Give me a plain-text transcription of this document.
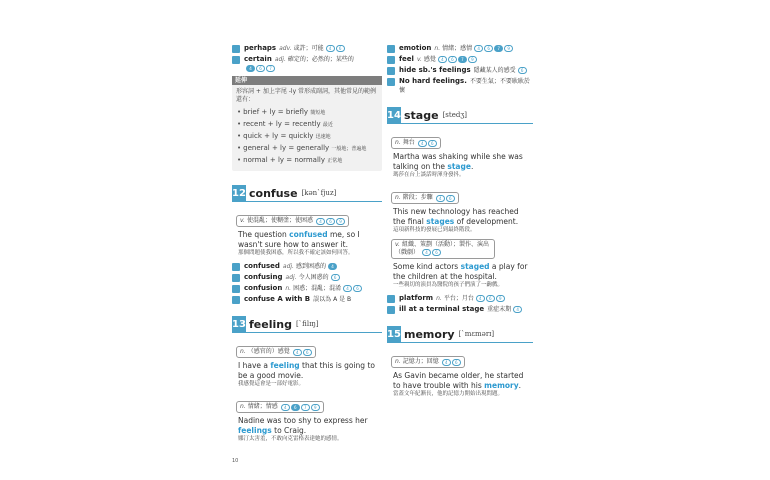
perhaps adv. 或許；可能	4	6
certain adj. 確定的；必然的；某些的
4	6	7
延伸
形容詞 + 加上字尾 -ly 常形成副詞，其他常見的範例還有：
• brief + ly = briefly 簡短地
• recent + ly = recently 最近
• quick + ly = quickly 迅速地
• general + ly = generally 一般地；普遍地
• normal + ly = normally 正常地
12 confuse [kən`fjuz]
v. 使混亂；使糊塗；使困惑	4	6	9
The question confused me, so I wasn't sure how to answer it.
那個問題使我困惑，所以我不確定該如何回答。
confused adj. 感到困惑的	4
confusing adj. 令人困惑的	6
confusion n. 困惑；混亂；混淆	4	6
confuse A with B 誤以為 A 是 B
13 feeling [`filɪŋ]
n. （感官的）感覺	4	6
I have a feeling that this is going to be a good movie.
我感覺這會是一部好電影。
n. 情緒；情感	4	6	7	9
Nadine was too shy to express her feelings to Craig.
娜汀太害羞，不敢向克雷格表達她的感情。
emotion n. 情緒；感情	4	6	7	9
feel v. 感覺	4	6	7	9
hide sb.'s feelings 隱藏某人的感受	6
No hard feelings. 不要生氣；不要耿耿於懷
14 stage [stedʒ]
n. 舞台	4	6
Martha was shaking while she was talking on the stage.
瑪莎在台上談話時渾身發抖。
n. 階段；步驟	4	6
This new technology has reached the final stages of development.
這項新科技的發展已到最終階段。
v. 組織、策劃（活動）；製作、演出（戲劇）	4	6
Some kind actors staged a play for the children at the hospital.
一些親切的演員為醫院的孩子們演了一齣戲。
platform n. 平台；月台	4	6	9
ill at a terminal stage 重症末期	4
15 memory [`mɛmərɪ]
n. 記憶力；回憶	4	6
As Gavin became older, he started to have trouble with his memory.
當蓋文年紀漸長，他的記憶力開始出現問題。
10
